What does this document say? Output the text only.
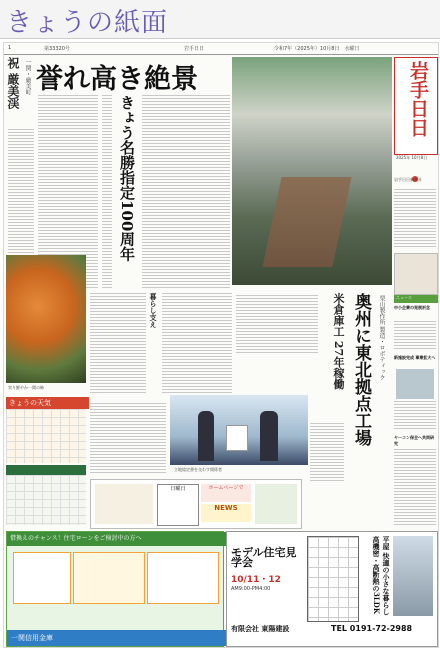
きょうの紙面
1	第33320号	岩手日日	令和7年（2025年）10月8日　水曜日
祝 厳美渓 一関・厳美町 誉れ高き絶景
きょう名勝指定100周年	岩手日日
2025年 10月8日
岩手日日新聞社
実り鮮やか一関の柿
暮らし支え	奥州に東北拠点工場
米倉庫工 27年稼働	栗山製作所 製造・ロボティック
立地協定書を交わす関係者
きょうの天気
ニュース
中小企業の発展祈念
新施設完成 事業拡大へ
ヤーコン保全へ共同研究
日曜日	ホームページで
NEWS
借換えのチャンス！住宅ローンをご検討中の方へ
一関信用金庫
モデル住宅見学会
10/11・12
AM9:00-PM4:00	平屋 快適の小さな暮らし 高機密・高断熱の3LDK
有限会社 東陽建設	TEL 0191-72-2988
